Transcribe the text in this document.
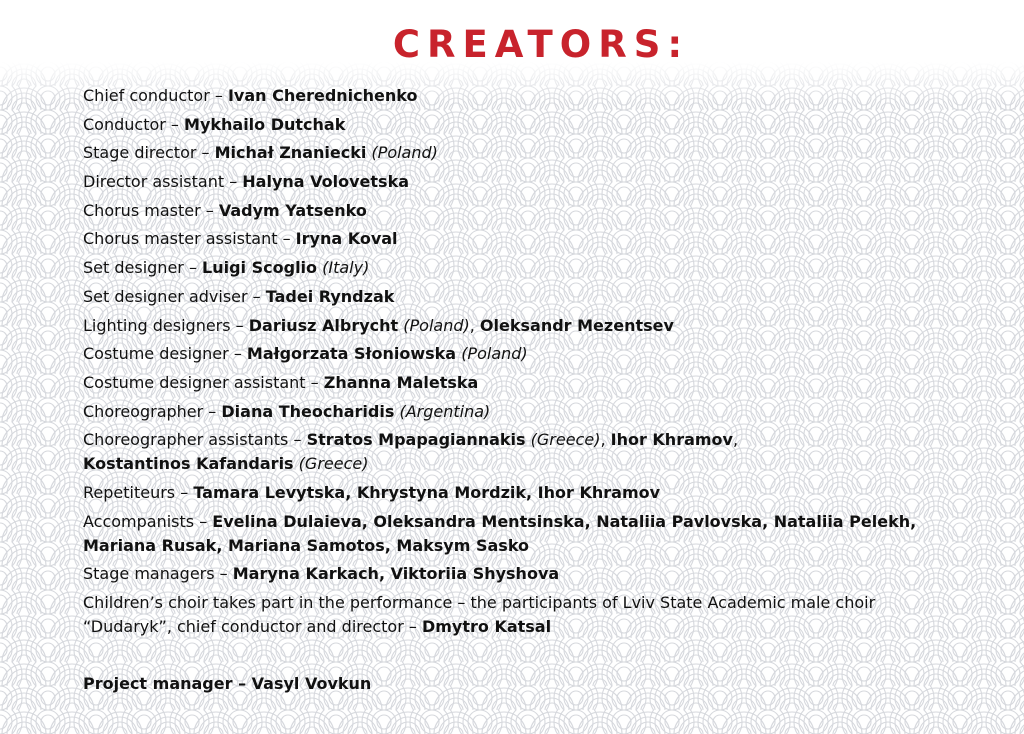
CREATORS:
Chief conductor – Ivan Cherednichenko
Conductor – Mykhailo Dutchak
Stage director – Michał Znaniecki (Poland)
Director assistant – Halyna Volovetska
Chorus master – Vadym Yatsenko
Chorus master assistant – Iryna Koval
Set designer – Luigi Scoglio (Italy)
Set designer adviser – Tadei Ryndzak
Lighting designers – Dariusz Albrycht (Poland), Oleksandr Mezentsev
Costume designer – Małgorzata Słoniowska (Poland)
Costume designer assistant – Zhanna Maletska
Choreographer – Diana Theocharidis (Argentina)
Choreographer assistants – Stratos Mpapagiannakis (Greece), Ihor Khramov,
Kostantinos Kafandaris (Greece)
Repetiteurs – Tamara Levytska, Khrystyna Mordzik, Ihor Khramov
Accompanists – Evelina Dulaieva, Oleksandra Mentsinska, Nataliia Pavlovska, Nataliia Pelekh,
Mariana Rusak, Mariana Samotos, Maksym Sasko
Stage managers – Maryna Karkach, Viktoriia Shyshova
Children’s choir takes part in the performance – the participants of Lviv State Academic male choir
“Dudaryk”, chief conductor and director – Dmytro Katsal

Project manager – Vasyl Vovkun
